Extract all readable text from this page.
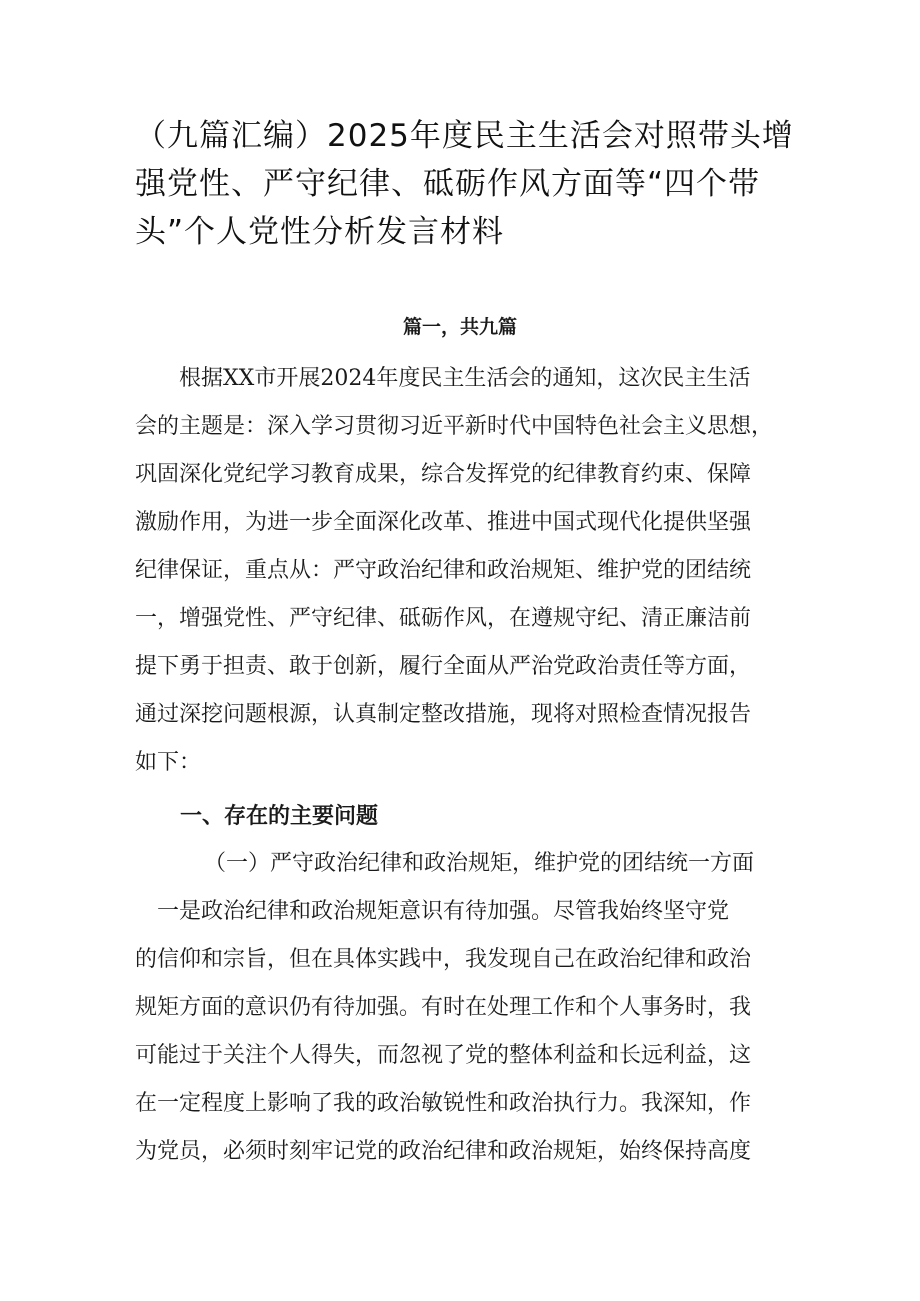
（九篇汇编）2025年度民主生活会对照带头增
强党性、严守纪律、砥砺作风方面等“四个带
头”个人党性分析发言材料
篇一，共九篇

　　根据XX市开展2024年度民主生活会的通知，这次民主生活
会的主题是：深入学习贯彻习近平新时代中国特色社会主义思想，
巩固深化党纪学习教育成果，综合发挥党的纪律教育约束、保障
激励作用，为进一步全面深化改革、推进中国式现代化提供坚强
纪律保证，重点从：严守政治纪律和政治规矩、维护党的团结统
一，增强党性、严守纪律、砥砺作风，在遵规守纪、清正廉洁前
提下勇于担责、敢于创新，履行全面从严治党政治责任等方面，
通过深挖问题根源，认真制定整改措施，现将对照检查情况报告
如下：

一、存在的主要问题

（一）严守政治纪律和政治规矩，维护党的团结统一方面

　一是政治纪律和政治规矩意识有待加强。尽管我始终坚守党
的信仰和宗旨，但在具体实践中，我发现自己在政治纪律和政治
规矩方面的意识仍有待加强。有时在处理工作和个人事务时，我
可能过于关注个人得失，而忽视了党的整体利益和长远利益，这
在一定程度上影响了我的政治敏锐性和政治执行力。我深知，作
为党员，必须时刻牢记党的政治纪律和政治规矩，始终保持高度
